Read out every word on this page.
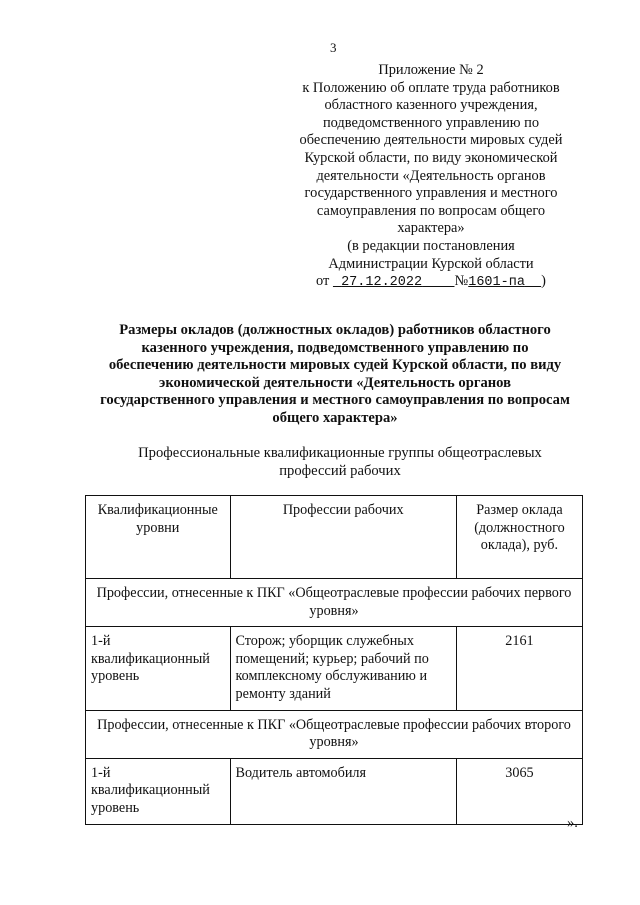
3
Приложение № 2
к Положению об оплате труда работников
областного казенного учреждения,
подведомственного управлению по
обеспечению деятельности мировых судей
Курской области, по виду экономической
деятельности «Деятельность органов
государственного управления и местного
самоуправления по вопросам общего
характера»
(в редакции постановления
Администрации Курской области
от 27.12.2022 №1601-па )
Размеры окладов (должностных окладов) работников областного
казенного учреждения, подведомственного управлению по
обеспечению деятельности мировых судей Курской области, по виду
экономической деятельности «Деятельность органов
государственного управления и местного самоуправления по вопросам
общего характера»
Профессиональные квалификационные группы общеотраслевых
профессий рабочих
Квалификационные уровни	Профессии рабочих	Размер оклада (должностного оклада), руб.
Профессии, отнесенные к ПКГ «Общеотраслевые профессии рабочих первого уровня»		
1-й квалификационный уровень	Сторож; уборщик служебных помещений; курьер; рабочий по комплексному обслуживанию и ремонту зданий	2161
Профессии, отнесенные к ПКГ «Общеотраслевые профессии рабочих второго уровня»		
1-й квалификационный уровень	Водитель автомобиля	3065
».
